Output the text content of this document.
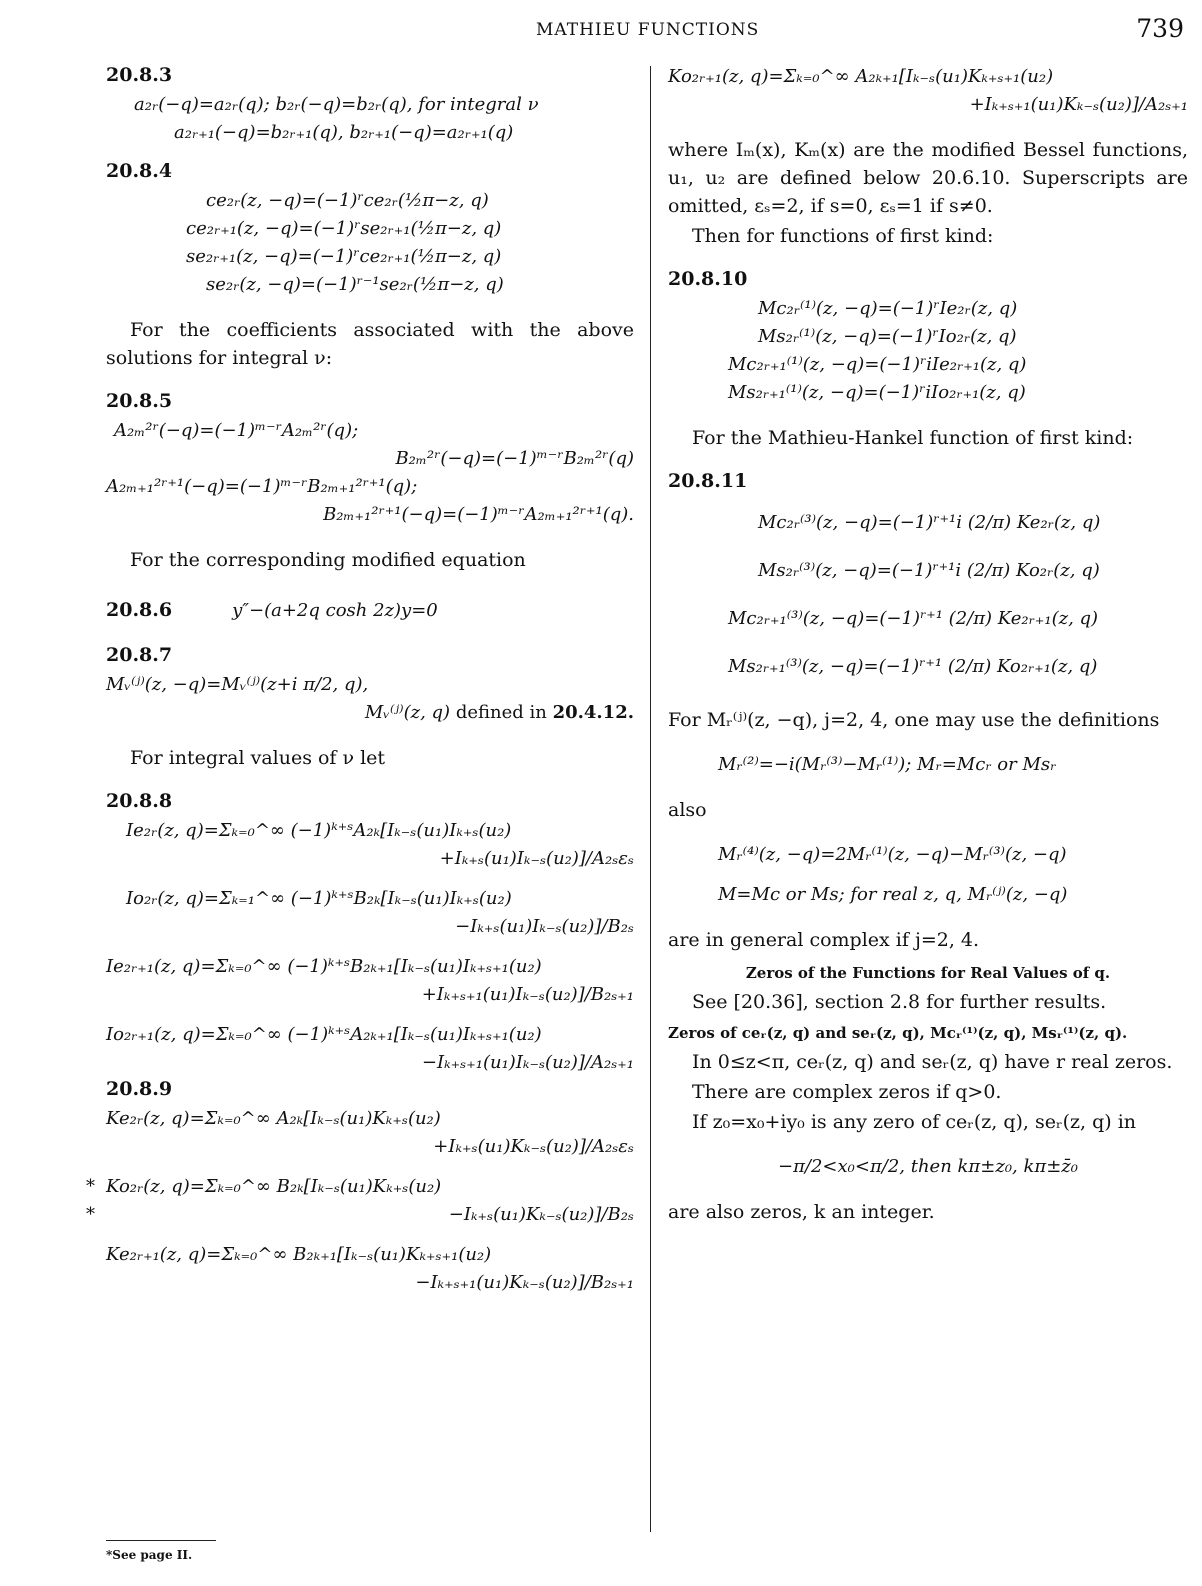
MATHIEU FUNCTIONS	739
20.8.3
a₂ᵣ(−q)=a₂ᵣ(q); b₂ᵣ(−q)=b₂ᵣ(q), for integral ν
a₂ᵣ₊₁(−q)=b₂ᵣ₊₁(q), b₂ᵣ₊₁(−q)=a₂ᵣ₊₁(q)
20.8.4
ce₂ᵣ(z, −q)=(−1)ʳce₂ᵣ(½π−z, q)
ce₂ᵣ₊₁(z, −q)=(−1)ʳse₂ᵣ₊₁(½π−z, q)
se₂ᵣ₊₁(z, −q)=(−1)ʳce₂ᵣ₊₁(½π−z, q)
se₂ᵣ(z, −q)=(−1)ʳ⁻¹se₂ᵣ(½π−z, q)
For the coefficients associated with the above solutions for integral ν:
20.8.5
A₂ₘ²ʳ(−q)=(−1)ᵐ⁻ʳA₂ₘ²ʳ(q);
B₂ₘ²ʳ(−q)=(−1)ᵐ⁻ʳB₂ₘ²ʳ(q)
A₂ₘ₊₁²ʳ⁺¹(−q)=(−1)ᵐ⁻ʳB₂ₘ₊₁²ʳ⁺¹(q);
B₂ₘ₊₁²ʳ⁺¹(−q)=(−1)ᵐ⁻ʳA₂ₘ₊₁²ʳ⁺¹(q).
For the corresponding modified equation
20.8.6	y″−(a+2q cosh 2z)y=0
20.8.7
Mᵥ⁽ʲ⁾(z, −q)=Mᵥ⁽ʲ⁾(z+i π/2, q),
Mᵥ⁽ʲ⁾(z, q) defined in 20.4.12.
For integral values of ν let
20.8.8
Ie₂ᵣ(z, q)=Σₖ₌₀^∞ (−1)ᵏ⁺ˢA₂ₖ[Iₖ₋ₛ(u₁)Iₖ₊ₛ(u₂)
+Iₖ₊ₛ(u₁)Iₖ₋ₛ(u₂)]/A₂ₛεₛ
Io₂ᵣ(z, q)=Σₖ₌₁^∞ (−1)ᵏ⁺ˢB₂ₖ[Iₖ₋ₛ(u₁)Iₖ₊ₛ(u₂)
−Iₖ₊ₛ(u₁)Iₖ₋ₛ(u₂)]/B₂ₛ
Ie₂ᵣ₊₁(z, q)=Σₖ₌₀^∞ (−1)ᵏ⁺ˢB₂ₖ₊₁[Iₖ₋ₛ(u₁)Iₖ₊ₛ₊₁(u₂)
+Iₖ₊ₛ₊₁(u₁)Iₖ₋ₛ(u₂)]/B₂ₛ₊₁
Io₂ᵣ₊₁(z, q)=Σₖ₌₀^∞ (−1)ᵏ⁺ˢA₂ₖ₊₁[Iₖ₋ₛ(u₁)Iₖ₊ₛ₊₁(u₂)
−Iₖ₊ₛ₊₁(u₁)Iₖ₋ₛ(u₂)]/A₂ₛ₊₁
20.8.9
Ke₂ᵣ(z, q)=Σₖ₌₀^∞ A₂ₖ[Iₖ₋ₛ(u₁)Kₖ₊ₛ(u₂)
+Iₖ₊ₛ(u₁)Kₖ₋ₛ(u₂)]/A₂ₛεₛ
* Ko₂ᵣ(z, q)=Σₖ₌₀^∞ B₂ₖ[Iₖ₋ₛ(u₁)Kₖ₊ₛ(u₂)
*	−Iₖ₊ₛ(u₁)Kₖ₋ₛ(u₂)]/B₂ₛ
Ke₂ᵣ₊₁(z, q)=Σₖ₌₀^∞ B₂ₖ₊₁[Iₖ₋ₛ(u₁)Kₖ₊ₛ₊₁(u₂)
−Iₖ₊ₛ₊₁(u₁)Kₖ₋ₛ(u₂)]/B₂ₛ₊₁
Ko₂ᵣ₊₁(z, q)=Σₖ₌₀^∞ A₂ₖ₊₁[Iₖ₋ₛ(u₁)Kₖ₊ₛ₊₁(u₂)
+Iₖ₊ₛ₊₁(u₁)Kₖ₋ₛ(u₂)]/A₂ₛ₊₁
where Iₘ(x), Kₘ(x) are the modified Bessel functions, u₁, u₂ are defined below 20.6.10. Superscripts are omitted, εₛ=2, if s=0, εₛ=1 if s≠0.
Then for functions of first kind:
20.8.10
Mc₂ᵣ⁽¹⁾(z, −q)=(−1)ʳIe₂ᵣ(z, q)
Ms₂ᵣ⁽¹⁾(z, −q)=(−1)ʳIo₂ᵣ(z, q)
Mc₂ᵣ₊₁⁽¹⁾(z, −q)=(−1)ʳiIe₂ᵣ₊₁(z, q)
Ms₂ᵣ₊₁⁽¹⁾(z, −q)=(−1)ʳiIo₂ᵣ₊₁(z, q)
For the Mathieu-Hankel function of first kind:
20.8.11
Mc₂ᵣ⁽³⁾(z, −q)=(−1)ʳ⁺¹i (2/π) Ke₂ᵣ(z, q)
Ms₂ᵣ⁽³⁾(z, −q)=(−1)ʳ⁺¹i (2/π) Ko₂ᵣ(z, q)
Mc₂ᵣ₊₁⁽³⁾(z, −q)=(−1)ʳ⁺¹ (2/π) Ke₂ᵣ₊₁(z, q)
Ms₂ᵣ₊₁⁽³⁾(z, −q)=(−1)ʳ⁺¹ (2/π) Ko₂ᵣ₊₁(z, q)
For Mᵣ⁽ʲ⁾(z, −q), j=2, 4, one may use the definitions
Mᵣ⁽²⁾=−i(Mᵣ⁽³⁾−Mᵣ⁽¹⁾); Mᵣ=Mcᵣ or Msᵣ
also
Mᵣ⁽⁴⁾(z, −q)=2Mᵣ⁽¹⁾(z, −q)−Mᵣ⁽³⁾(z, −q)
M=Mc or Ms; for real z, q, Mᵣ⁽ʲ⁾(z, −q)
are in general complex if j=2, 4.
Zeros of the Functions for Real Values of q.
See [20.36], section 2.8 for further results.
Zeros of ceᵣ(z, q) and seᵣ(z, q), Mcᵣ⁽¹⁾(z, q), Msᵣ⁽¹⁾(z, q).
In 0≤z<π, ceᵣ(z, q) and seᵣ(z, q) have r real zeros.
There are complex zeros if q>0.
If z₀=x₀+iy₀ is any zero of ceᵣ(z, q), seᵣ(z, q) in
−π/2<x₀<π/2, then kπ±z₀, kπ±z̄₀
are also zeros, k an integer.
*See page II.
